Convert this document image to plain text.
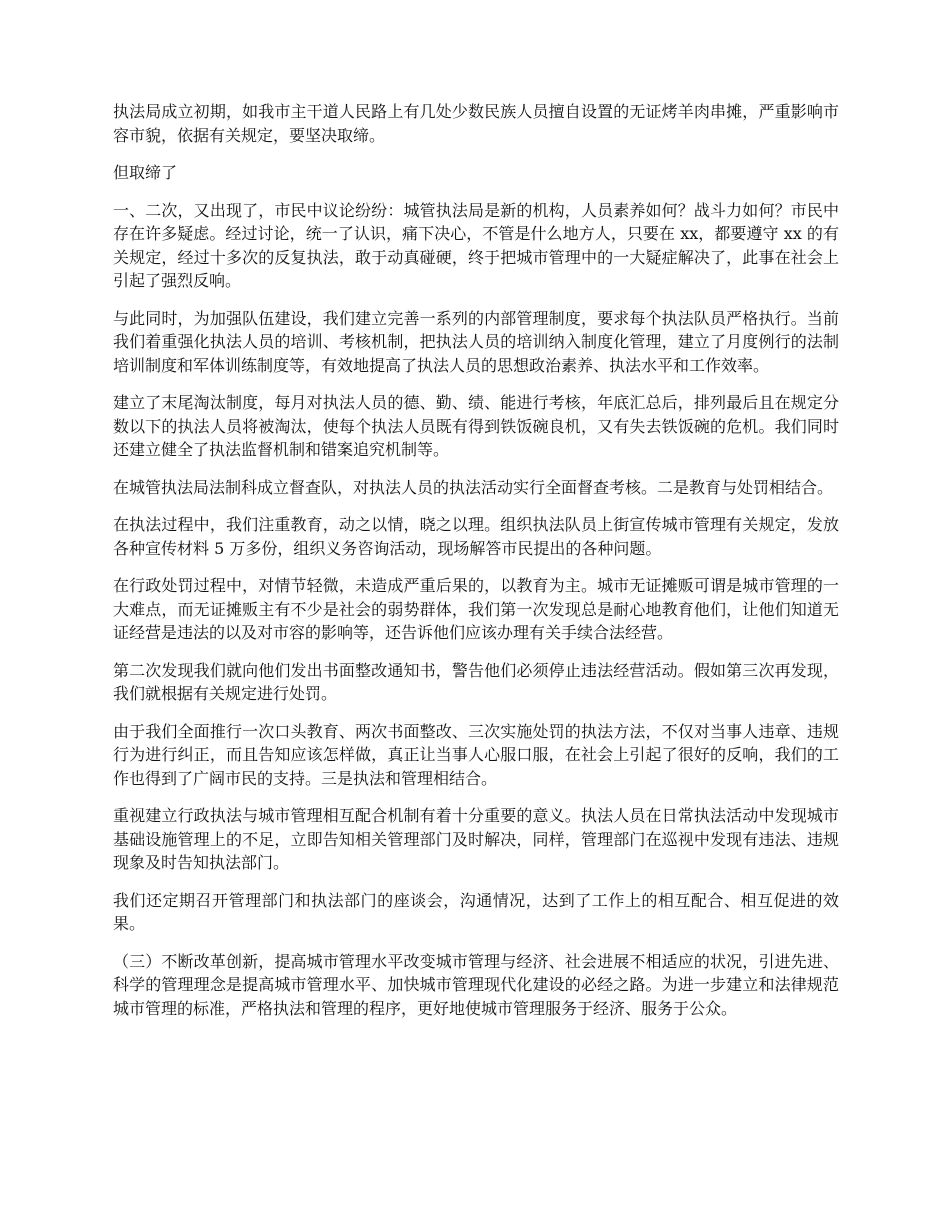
执法局成立初期，如我市主干道人民路上有几处少数民族人员擅自设置的无证烤羊肉串摊，严重影响市容市貌，依据有关规定，要坚决取缔。

但取缔了

一、二次，又出现了，市民中议论纷纷：城管执法局是新的机构，人员素养如何？战斗力如何？市民中存在许多疑虑。经过讨论，统一了认识，痛下决心，不管是什么地方人，只要在 xx，都要遵守 xx 的有关规定，经过十多次的反复执法，敢于动真碰硬，终于把城市管理中的一大疑症解决了，此事在社会上引起了强烈反响。

与此同时，为加强队伍建设，我们建立完善一系列的内部管理制度，要求每个执法队员严格执行。当前我们着重强化执法人员的培训、考核机制，把执法人员的培训纳入制度化管理，建立了月度例行的法制培训制度和军体训练制度等，有效地提高了执法人员的思想政治素养、执法水平和工作效率。

建立了末尾淘汰制度，每月对执法人员的德、勤、绩、能进行考核，年底汇总后，排列最后且在规定分数以下的执法人员将被淘汰，使每个执法人员既有得到铁饭碗良机，又有失去铁饭碗的危机。我们同时还建立健全了执法监督机制和错案追究机制等。

在城管执法局法制科成立督查队，对执法人员的执法活动实行全面督查考核。二是教育与处罚相结合。

在执法过程中，我们注重教育，动之以情，晓之以理。组织执法队员上街宣传城市管理有关规定，发放各种宣传材料 5 万多份，组织义务咨询活动，现场解答市民提出的各种问题。

在行政处罚过程中，对情节轻微，未造成严重后果的，以教育为主。城市无证摊贩可谓是城市管理的一大难点，而无证摊贩主有不少是社会的弱势群体，我们第一次发现总是耐心地教育他们，让他们知道无证经营是违法的以及对市容的影响等，还告诉他们应该办理有关手续合法经营。

第二次发现我们就向他们发出书面整改通知书，警告他们必须停止违法经营活动。假如第三次再发现，我们就根据有关规定进行处罚。

由于我们全面推行一次口头教育、两次书面整改、三次实施处罚的执法方法，不仅对当事人违章、违规行为进行纠正，而且告知应该怎样做，真正让当事人心服口服，在社会上引起了很好的反响，我们的工作也得到了广阔市民的支持。三是执法和管理相结合。

重视建立行政执法与城市管理相互配合机制有着十分重要的意义。执法人员在日常执法活动中发现城市基础设施管理上的不足，立即告知相关管理部门及时解决，同样，管理部门在巡视中发现有违法、违规现象及时告知执法部门。

我们还定期召开管理部门和执法部门的座谈会，沟通情况，达到了工作上的相互配合、相互促进的效果。

（三）不断改革创新，提高城市管理水平改变城市管理与经济、社会进展不相适应的状况，引进先进、科学的管理理念是提高城市管理水平、加快城市管理现代化建设的必经之路。为进一步建立和法律规范城市管理的标准，严格执法和管理的程序，更好地使城市管理服务于经济、服务于公众。
